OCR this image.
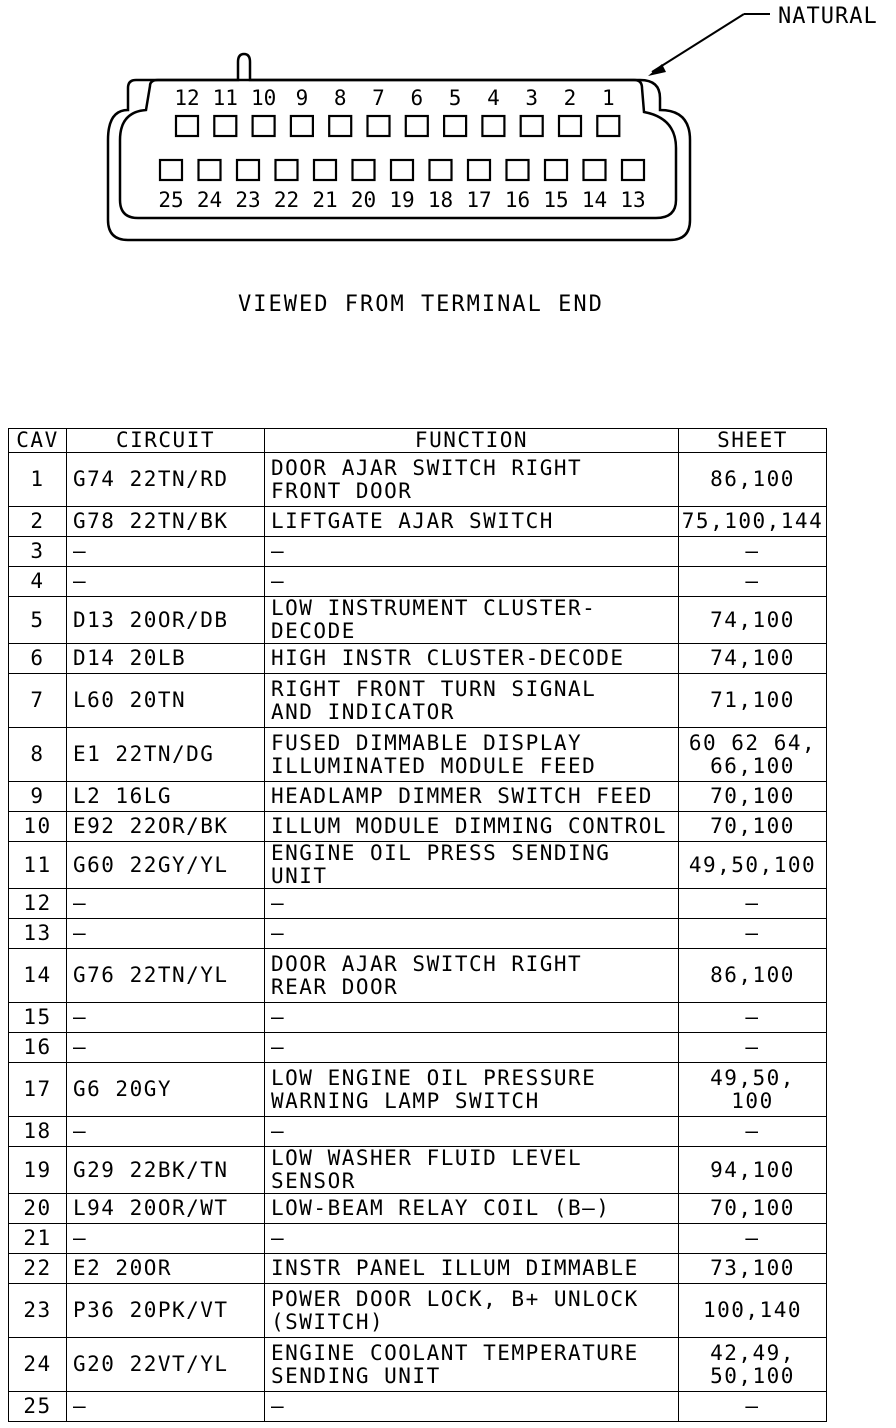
NATURAL
12 11 10 9	8	7	6	5	4	3	2	1
25 24 23 22 21 20 19 18 17 16 15 14 13
VIEWED FROM TERMINAL END
CAV	CIRCUIT	FUNCTION	SHEET
1	G74 22TN/RD	DOOR AJAR SWITCH RIGHT
FRONT DOOR	86,100

2	G78 22TN/BK	LIFTGATE AJAR SWITCH	75,100,144

3	—	—	—

4	—	—	—

5	D13 20OR/DB	LOW INSTRUMENT CLUSTER-DECODE	74,100

6	D14 20LB	HIGH INSTR CLUSTER-DECODE	74,100

7	L60 20TN	RIGHT FRONT TURN SIGNAL
AND INDICATOR	71,100

8	E1 22TN/DG	FUSED DIMMABLE DISPLAY
ILLUMINATED MODULE FEED	60 62 64,
66,100

9	L2 16LG	HEADLAMP DIMMER SWITCH FEED	70,100

10	E92 22OR/BK	ILLUM MODULE DIMMING CONTROL	70,100

11	G60 22GY/YL	ENGINE OIL PRESS SENDING UNIT	49,50,100

12	—	—	—

13	—	—	—

14	G76 22TN/YL	DOOR AJAR SWITCH RIGHT
REAR DOOR	86,100

15	—	—	—

16	—	—	—

17	G6 20GY	LOW ENGINE OIL PRESSURE
WARNING LAMP SWITCH	49,50,
100

18	—	—	—

19	G29 22BK/TN	LOW WASHER FLUID LEVEL SENSOR	94,100

20	L94 20OR/WT	LOW-BEAM RELAY COIL (B—)	70,100

21	—	—	—

22	E2 20OR	INSTR PANEL ILLUM DIMMABLE	73,100

23	P36 20PK/VT	POWER DOOR LOCK, B+ UNLOCK
(SWITCH)	100,140

24	G20 22VT/YL	ENGINE COOLANT TEMPERATURE
SENDING UNIT	42,49,
50,100

25	—	—	—
